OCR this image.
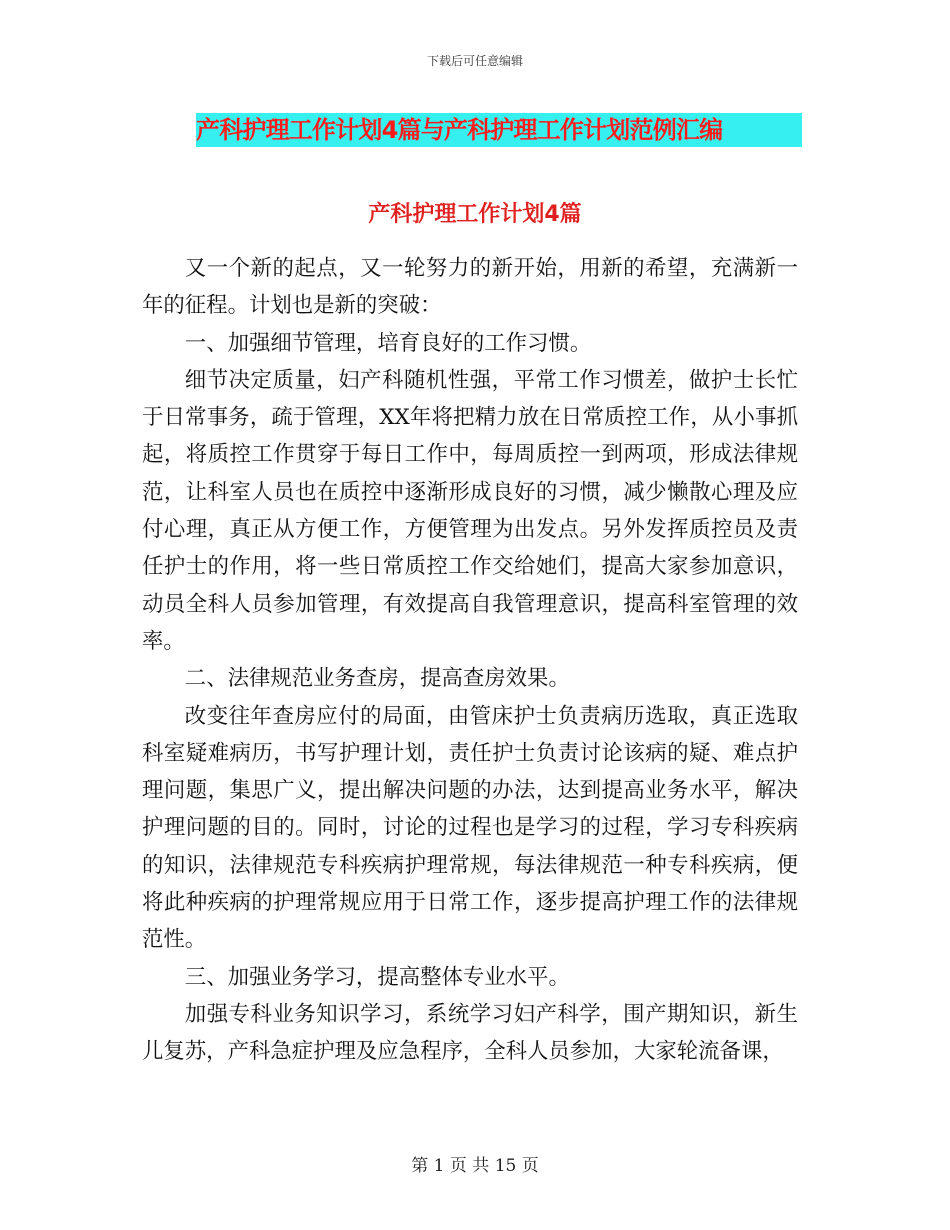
下载后可任意编辑
产科护理工作计划4篇与产科护理工作计划范例汇编
产科护理工作计划4篇

又一个新的起点，又一轮努力的新开始，用新的希望，充满新一年的征程。计划也是新的突破：

一、加强细节管理，培育良好的工作习惯。

细节决定质量，妇产科随机性强，平常工作习惯差，做护士长忙于日常事务，疏于管理，XX年将把精力放在日常质控工作，从小事抓起，将质控工作贯穿于每日工作中，每周质控一到两项，形成法律规范，让科室人员也在质控中逐渐形成良好的习惯，减少懒散心理及应付心理，真正从方便工作，方便管理为出发点。另外发挥质控员及责任护士的作用，将一些日常质控工作交给她们，提高大家参加意识，动员全科人员参加管理，有效提高自我管理意识，提高科室管理的效率。

二、法律规范业务查房，提高查房效果。

改变往年查房应付的局面，由管床护士负责病历选取，真正选取科室疑难病历，书写护理计划，责任护士负责讨论该病的疑、难点护理问题，集思广义，提出解决问题的办法，达到提高业务水平，解决护理问题的目的。同时，讨论的过程也是学习的过程，学习专科疾病的知识，法律规范专科疾病护理常规，每法律规范一种专科疾病，便将此种疾病的护理常规应用于日常工作，逐步提高护理工作的法律规范性。

三、加强业务学习，提高整体专业水平。

加强专科业务知识学习，系统学习妇产科学，围产期知识，新生儿复苏，产科急症护理及应急程序，全科人员参加，大家轮流备课，

第 1 页 共 15 页
